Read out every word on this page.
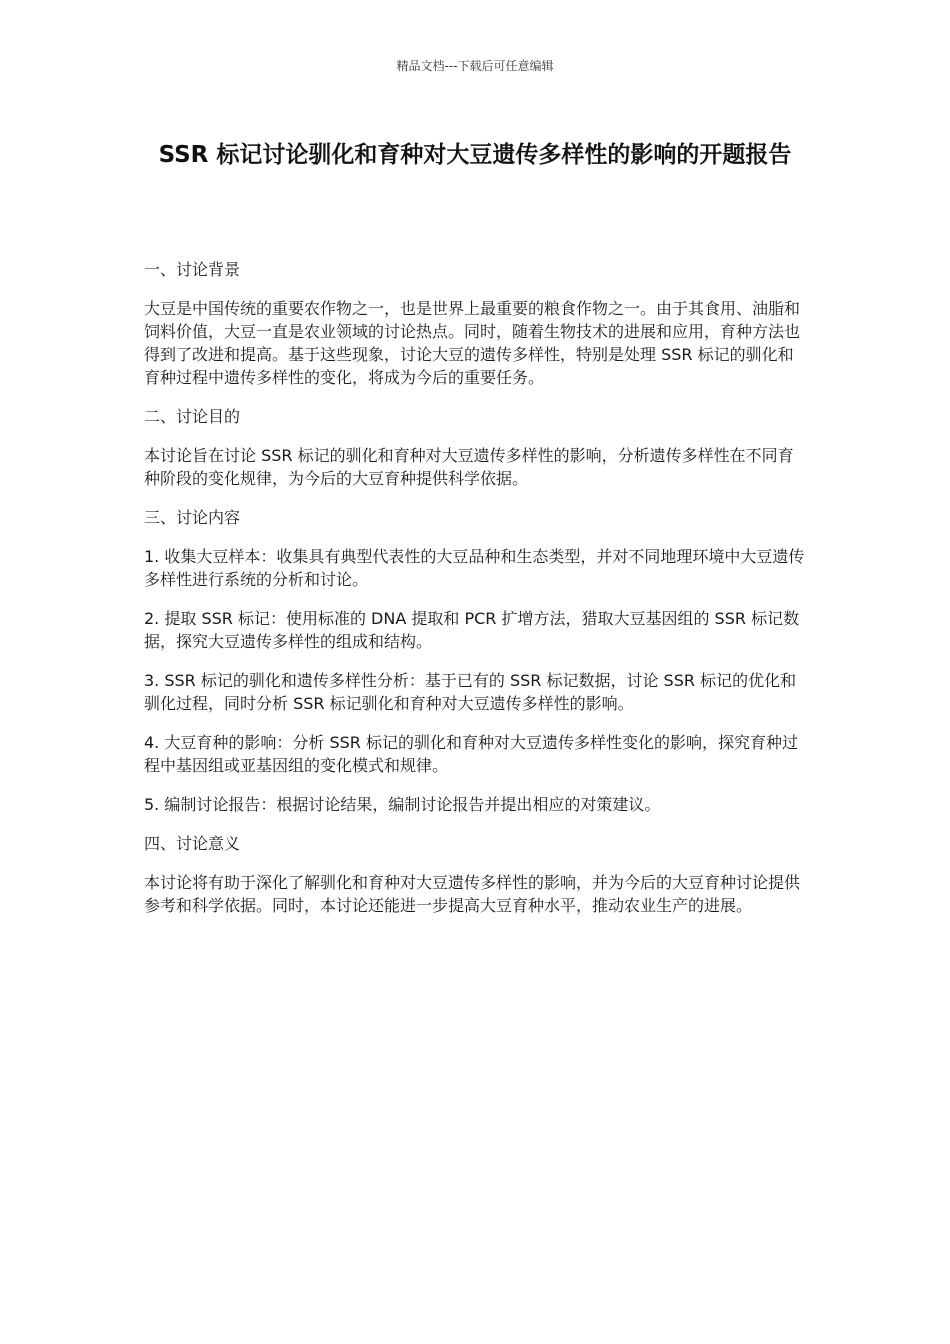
精品文档---下载后可任意编辑
SSR 标记讨论驯化和育种对大豆遗传多样性的影响的开题报告

一、讨论背景

大豆是中国传统的重要农作物之一，也是世界上最重要的粮食作物之一。由于其食用、油脂和饲料价值，大豆一直是农业领域的讨论热点。同时，随着生物技术的进展和应用，育种方法也得到了改进和提高。基于这些现象，讨论大豆的遗传多样性，特别是处理 SSR 标记的驯化和育种过程中遗传多样性的变化，将成为今后的重要任务。

二、讨论目的

本讨论旨在讨论 SSR 标记的驯化和育种对大豆遗传多样性的影响，分析遗传多样性在不同育种阶段的变化规律，为今后的大豆育种提供科学依据。

三、讨论内容

1. 收集大豆样本：收集具有典型代表性的大豆品种和生态类型，并对不同地理环境中大豆遗传多样性进行系统的分析和讨论。

2. 提取 SSR 标记：使用标准的 DNA 提取和 PCR 扩增方法，猎取大豆基因组的 SSR 标记数据，探究大豆遗传多样性的组成和结构。

3. SSR 标记的驯化和遗传多样性分析：基于已有的 SSR 标记数据，讨论 SSR 标记的优化和驯化过程，同时分析 SSR 标记驯化和育种对大豆遗传多样性的影响。

4. 大豆育种的影响：分析 SSR 标记的驯化和育种对大豆遗传多样性变化的影响，探究育种过程中基因组或亚基因组的变化模式和规律。

5. 编制讨论报告：根据讨论结果，编制讨论报告并提出相应的对策建议。

四、讨论意义

本讨论将有助于深化了解驯化和育种对大豆遗传多样性的影响，并为今后的大豆育种讨论提供参考和科学依据。同时，本讨论还能进一步提高大豆育种水平，推动农业生产的进展。
